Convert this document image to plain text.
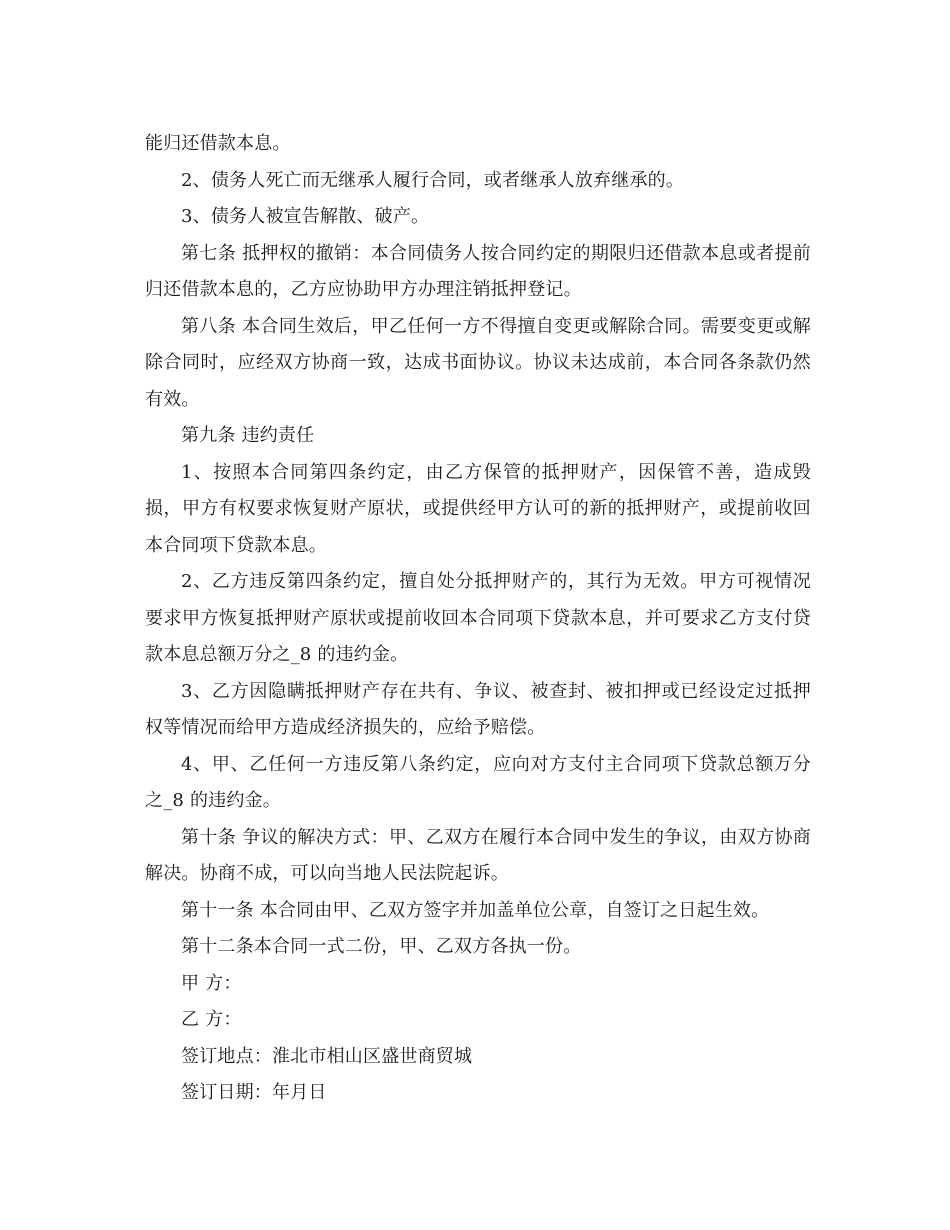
能归还借款本息。

2、债务人死亡而无继承人履行合同，或者继承人放弃继承的。

3、债务人被宣告解散、破产。

第七条 抵押权的撤销：本合同债务人按合同约定的期限归还借款本息或者提前归还借款本息的，乙方应协助甲方办理注销抵押登记。

第八条 本合同生效后，甲乙任何一方不得擅自变更或解除合同。需要变更或解除合同时，应经双方协商一致，达成书面协议。协议未达成前，本合同各条款仍然有效。

第九条 违约责任

1、按照本合同第四条约定，由乙方保管的抵押财产，因保管不善，造成毁损，甲方有权要求恢复财产原状，或提供经甲方认可的新的抵押财产，或提前收回本合同项下贷款本息。

2、乙方违反第四条约定，擅自处分抵押财产的，其行为无效。甲方可视情况要求甲方恢复抵押财产原状或提前收回本合同项下贷款本息，并可要求乙方支付贷款本息总额万分之_8 的违约金。

3、乙方因隐瞒抵押财产存在共有、争议、被查封、被扣押或已经设定过抵押权等情况而给甲方造成经济损失的，应给予赔偿。

4、甲、乙任何一方违反第八条约定，应向对方支付主合同项下贷款总额万分之_8 的违约金。

第十条 争议的解决方式：甲、乙双方在履行本合同中发生的争议，由双方协商解决。协商不成，可以向当地人民法院起诉。

第十一条 本合同由甲、乙双方签字并加盖单位公章，自签订之日起生效。

第十二条本合同一式二份，甲、乙双方各执一份。

甲 方：

乙 方：

签订地点：淮北市相山区盛世商贸城

签订日期：年月日
